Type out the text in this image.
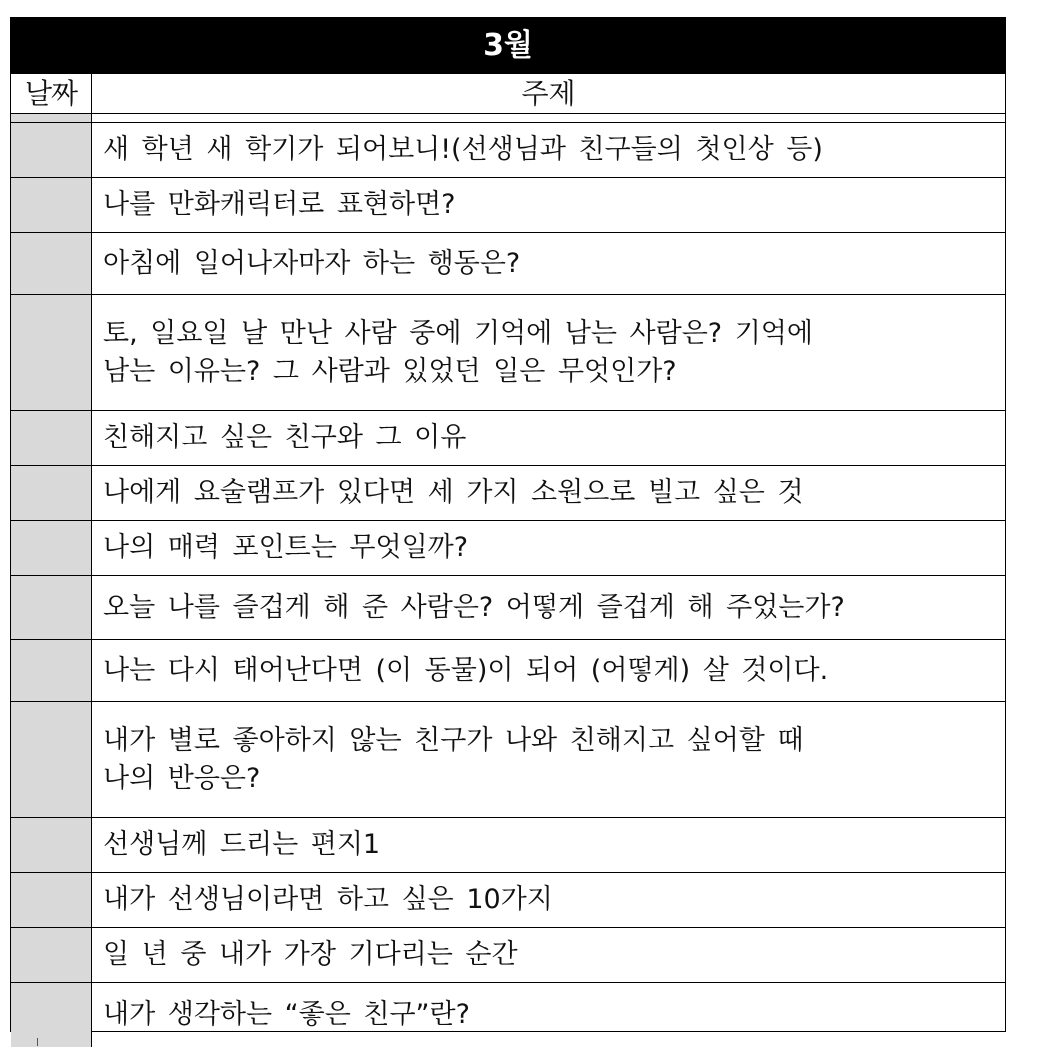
3월
날짜	주제
새 학년 새 학기가 되어보니!(선생님과 친구들의 첫인상 등)
나를 만화캐릭터로 표현하면?
아침에 일어나자마자 하는 행동은?
토, 일요일 날 만난 사람 중에 기억에 남는 사람은? 기억에
남는 이유는? 그 사람과 있었던 일은 무엇인가?
친해지고 싶은 친구와 그 이유
나에게 요술램프가 있다면 세 가지 소원으로 빌고 싶은 것
나의 매력 포인트는 무엇일까?
오늘 나를 즐겁게 해 준 사람은? 어떻게 즐겁게 해 주었는가?
나는 다시 태어난다면 (이 동물)이 되어 (어떻게) 살 것이다.
내가 별로 좋아하지 않는 친구가 나와 친해지고 싶어할 때
나의 반응은?
선생님께 드리는 편지1
내가 선생님이라면 하고 싶은 10가지
일 년 중 내가 가장 기다리는 순간
내가 생각하는 “좋은 친구”란?
